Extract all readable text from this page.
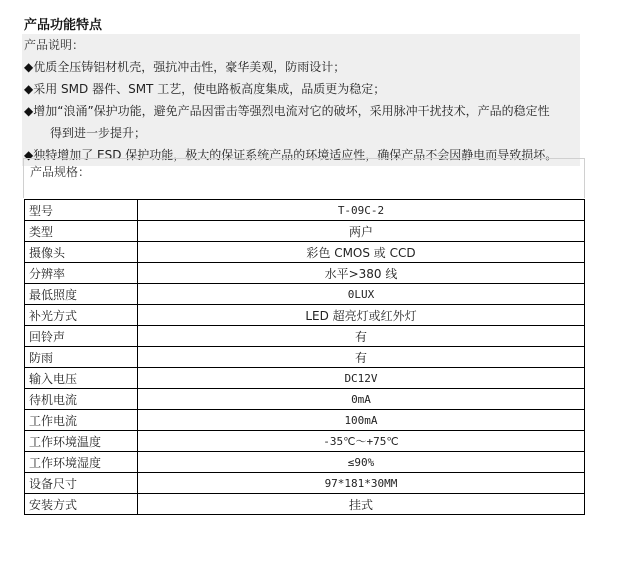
产品功能特点
产品说明：
◆优质全压铸铝材机壳，强抗冲击性，豪华美观，防雨设计；
◆采用 SMD 器件、SMT 工艺，使电路板高度集成，品质更为稳定；
◆增加“浪涌”保护功能，避免产品因雷击等强烈电流对它的破坏，采用脉冲干扰技术，产品的稳定性
得到进一步提升；
◆独特增加了 ESD 保护功能，极大的保证系统产品的环境适应性，确保产品不会因静电而导致损坏。
产品规格：
型号	T-09C-2
类型	两户
摄像头	彩色 CMOS 或 CCD
分辨率	水平>380 线
最低照度	0LUX
补光方式	LED 超亮灯或红外灯
回铃声	有
防雨	有
输入电压	DC12V
待机电流	0mA
工作电流	100mA
工作环境温度	-35℃～+75℃
工作环境湿度	≤90%
设备尺寸	97*181*30MM
安装方式	挂式
